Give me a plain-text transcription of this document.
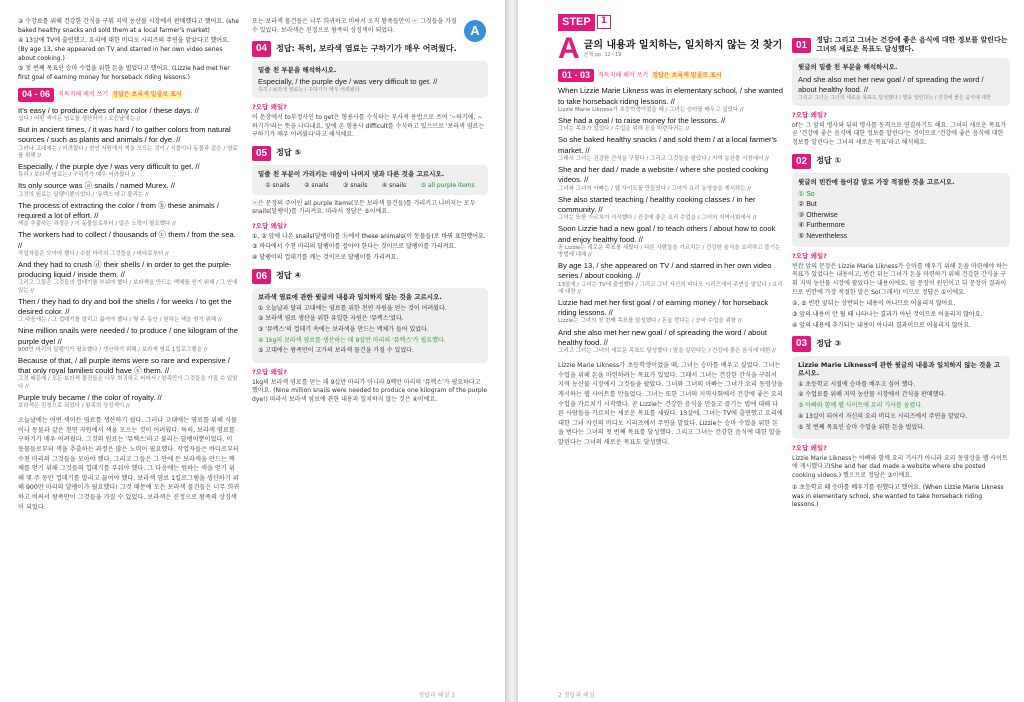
② 수강료를 위해 건강한 간식을 구워 지역 농산물 시장에서 판매했다고 했어요. (she baked healthy snacks and sold them at a local farmer's market)
④ 13살에 TV에 출연했고, 요리에 대한 비디오 시리즈의 주연을 맡았다고 했어요. (By age 13, she appeared on TV and starred in her own video series about cooking.)
⑤ 첫 번째 목표인 승마 수업을 위한 돈을 벌었다고 했어요. (Lizzie had met her first goal of earning money for horseback riding lessons.)
04 - 06	직독직해 해석 쓰기 정답은 초록색 밑줄로 표시
It's easy / to produce dyes of any color / these days. //
쉽다 / 어떤 색이든 염료를 생산하기 / 요즘날에는 //
But in ancient times, / it was hard / to gather colors from natural sources / such as plants and animals / for dye. //
그러나 고대에는 / 어려웠다 / 천연 자원에서 색을 모으는 것이 / 식물이나 동물과 같은 / 염료를 위해 //
Especially, / the purple dye / was very difficult to get. //
특히 / 보라색 염료는 / 구하기가 매우 어려웠다 //
Its only source was ⓐ snails / named Murex. //
그것의 원료는 달팽이뿐이었다 / '뮤렉스'라고 불리는 //
The process of extracting the color / from ⓑ these animals / required a lot of effort. //
색을 추출하는 과정은 / 이 동물들로부터 / 많은 노력이 필요했다 //
The workers had to collect / thousands of ⓒ them / from the sea. //
작업자들은 모아야 했다 / 수천 마리의 그것들을 / 바다로부터 //
And they had to crush ⓓ their shells / in order to get the purple-producing liquid / inside them. //
그리고 그들은 그것들의 껍데기를 부숴야 했다 / 보라색을 만드는 액체를 얻기 위해 / 그 안에 있는 //
Then / they had to dry and boil the shells / for weeks / to get the desired color. //
그 다음에는 / 그 껍데기를 말리고 끓여야 했다 / 몇 주 동안 / 원하는 색을 얻기 위해 //
Nine million snails were needed / to produce / one kilogram of the purple dye! //
900만 마리의 달팽이가 필요했다 / 생산하기 위해 / 보라색 염료 1킬로그램을 //
Because of that, / all purple items were so rare and expensive / that only royal families could have ⓔ them. //
그것 때문에 / 모든 보라색 물건들은 너무 희귀하고 비싸서 / 왕족만이 그것들을 가질 수 있었다 //
Purple truly became / the color of royalty. //
보라색은 진정으로 되었다 / 왕족의 상징색이 //
오늘날에는 어떤 색이든 염료를 생산하기 쉽다. 그러나 고대에는 염료를 위해 식물이나 동물과 같은 천연 자원에서 색을 모으는 것이 어려웠다. 특히, 보라색 염료를 구하기가 매우 어려웠다. 그것의 원료는 '뮤렉스'라고 불리는 달팽이뿐이었다. 이 동물들로부터 색을 추출하는 과정은 많은 노력이 필요했다. 작업자들은 바다로부터 수천 마리의 그것들을 모아야 했다. 그리고 그들은 그 안에 든 보라색을 만드는 액체를 얻기 위해 그것들의 껍데기를 부숴야 했다. 그 다음에는 원하는 색을 얻기 위해 몇 주 동안 껍데기를 말리고 끓여야 했다. 보라색 염료 1킬로그램을 생산하기 위해 900만 마리의 달팽이가 필요했다! 그것 때문에 모든 보라색 물건들은 너무 희귀하고 비싸서 왕족만이 그것들을 가질 수 있었다. 보라색은 진정으로 왕족의 상징색이 되었다.
또는 보라색 물건들은 너무 희귀하고 비싸서 오직 왕족들만이 ⓔ 그것들을 가질 수 있었다. 보라색은 진정으로 왕족의 상징색이 되었다.	A
04	정답: 특히, 보라색 염료는 구하기가 매우 어려웠다.
밑줄 친 부분을 해석하시오.
Especially, / the purple dye / was very difficult to get. //
특히 / 보라색 염료는 / 구하기가 매우 어려웠다
?오답 왜일?
이 문장에서 to부정사인 to get은 형용사를 수식하는 부사적 용법으로 쓰여 '~하기에, ~하기가'라는 뜻을 나타내요. 앞에 온 형용사 difficult를 수식하고 있으므로 '보라색 염료는 구하기가 매우 어려웠다'라고 해석해요.
05	정답 ⑤
밑줄 친 부분이 가리키는 대상이 나머지 넷과 다른 것을 고르시오.
① snails ② snails ③ snails ④ snails ⑤ all purple items
ⓔ은 문장의 주어인 all purple items(모든 보라색 물건들)를 가리키고 나머지는 모두 snails(달팽이)를 가리켜요. 따라서 정답은 ⑤이에요.
?오답 왜일?
①, ② 앞에 나온 snails(달팽이)를 ⓑ에서 these animals(이 동물들)로 바꿔 표현했어요.
③ 바다에서 수천 마리의 달팽이를 잡아야 한다는 것이므로 달팽이를 가리켜요.
④ 달팽이의 껍데기를 깨는 것이므로 달팽이를 가리켜요.
06	정답 ④
보라색 염료에 관한 윗글의 내용과 일치하지 않는 것을 고르시오.
① 오늘날과 달리 고대에는 염료를 위한 천연 자원을 얻는 것이 어려웠다.
② 보라색 염료 생산을 위한 유일한 자원은 '뮤렉스'였다.
③ '뮤렉스'의 껍데기 속에는 보라색을 만드는 액체가 들어 있었다.
④ 1kg의 보라색 염료를 생산하는 데 9십만 마리의 '뮤렉스'가 필요했다.
⑤ 고대에는 왕족만이 고가의 보라색 물건을 가질 수 있었다.
?오답 왜일?
1kg의 보라색 염료를 얻는 데 9십만 마리가 아니라 9백만 마리의 '뮤렉스'가 필요하다고 했어요. (Nine million snails were needed to produce one kilogram of the purple dye!) 따라서 보라색 염료에 관한 내용과 일치하지 않는 것은 ④이에요.
정답과 해설 3
STEP	1
A 글의 내용과 일치하는, 일치하지 않는 것 찾기
본책 pp. 12~19
01 - 03	직독직해 해석 쓰기 정답은 초록색 밑줄로 표시
When Lizzie Marie Likness was in elementary school, / she wanted to take horseback riding lessons. //
Lizzie Marie Likness가 초등학생이었을 때 / 그녀는 승마를 배우고 싶었다 //
She had a goal / to raise money for the lessons. //
그녀는 목표가 있었다 / 수업을 위해 돈을 마련하려는 //
So she baked healthy snacks / and sold them / at a local farmer's market. //
그래서 그녀는 건강한 간식을 구웠다 / 그리고 그것들을 팔았다 / 지역 농산물 시장에서 //
She and her dad / made a website / where she posted cooking videos. //
그녀와 그녀의 아빠는 / 웹 사이트를 만들었다 / 그녀가 요리 동영상을 게시하는 //
She also started teaching / healthy cooking classes / in her community. //
그녀는 또한 가르치기 시작했다 / 건강에 좋은 요리 수업을 / 그녀의 지역사회에서 //
Soon Lizzie had a new goal / to teach others / about how to cook and enjoy healthy food. //
곧 Lizzie는 새로운 목표를 세웠다 / 다른 사람들을 가르치는 / 건강한 음식을 요리하고 즐기는 방법에 대해 //
By age 13, / she appeared on TV / and starred in her own video series / about cooking. //
13살에 / 그녀는 TV에 출연했다 / 그리고 그녀 자신의 비디오 시리즈에서 주연을 맡았다 / 요리에 대한 //
Lizzie had met her first goal / of earning money / for horseback riding lessons. //
Lizzie는 그녀의 첫 번째 목표를 달성했다 / 돈을 번다는 / 승마 수업을 위한 //
And she also met her new goal / of spreading the word / about healthy food. //
그리고 그녀는 그녀의 새로운 목표도 달성했다 / 말을 알린다는 / 건강에 좋은 음식에 대한 //
Lizzie Marie Likness가 초등학생이었을 때, 그녀는 승마를 배우고 싶었다. 그녀는 수업을 위해 돈을 마련하려는 목표가 있었다. 그래서 그녀는 건강한 간식을 구워서 지역 농산물 시장에서 그것들을 팔았다. 그녀와 그녀의 아빠는 그녀가 요리 동영상을 게시하는 웹 사이트를 만들었다. 그녀는 또한 그녀의 지역사회에서 건강에 좋은 요리 수업을 가르치기 시작했다. 곧 Lizzie는 건강한 음식을 만들고 즐기는 법에 대해 다른 사람들을 가르치는 새로운 목표를 세웠다. 13살에, 그녀는 TV에 출연했고 요리에 대한 그녀 자신의 비디오 시리즈에서 주연을 맡았다. Lizzie는 승마 수업을 위한 돈을 번다는 그녀의 첫 번째 목표를 달성했다. 그리고 그녀는 건강한 음식에 대한 말을 알린다는 그녀의 새로운 목표도 달성했다.
01	정답: 그리고 그녀는 건강에 좋은 음식에 대한 정보를 알린다는 그녀의 새로운 목표도 달성했다.
윗글의 밑줄 친 부분을 해석하시오.
And she also met her new goal / of spreading the word / about healthy food. //
그리고 그녀는 그녀의 새로운 목표도 달성했다 / 말을 알린다는 / 건강에 좋은 음식에 대한
?오답 왜일?
of는 그 앞의 명사와 뒤의 명사를 동격으로 연결하기도 해요. 그녀의 새로운 목표가 곧 '건강에 좋은 음식에 대한 정보를 알린다'는 것이므로 '건강에 좋은 음식에 대한 정보를 알린다는 그녀의 새로운 목표'라고 해석해요.
02	정답 ①
윗글의 빈칸에 들어갈 말로 가장 적절한 것을 고르시오.
① So
② But
③ Otherwise
④ Furthermore
⑤ Nevertheless
?오답 왜일?
빈칸 앞의 문장은 Lizzie Marie Likness가 승마를 배우기 위해 돈을 마련해야 하는 목표가 있었다는 내용이고, 빈칸 뒤는 그녀가 돈을 마련하기 위해 건강한 간식을 구워 지역 농산물 시장에 팔았다는 내용이에요. 앞 문장이 원인이고 뒤 문장이 결과이므로 빈칸에 가장 적절한 말은 So(그래서) 이므로 정답은 ①이에요.
②, ⑤ 빈칸 앞뒤는 상반되는 내용이 아니므로 어울리지 않아요.
③ 앞의 내용이 안 될 때 나타나는 결과가 아닌 것이므로 어울리지 않아요.
④ 앞의 내용에 추가되는 내용이 아니라 결과이므로 어울리지 않아요.
03	정답 ③
Lizzie Marie Likness에 관한 윗글의 내용과 일치하지 않는 것을 고르시오.
① 초등학교 시절에 승마를 배우고 싶어 했다.
② 수업료를 위해 지역 농산물 시장에서 간식을 판매했다.
③ 아빠와 함께 웹 사이트에 요리 기사를 올렸다.
④ 13살이 되어서 자신의 요리 비디오 시리즈에서 주연을 맡았다.
⑤ 첫 번째 목표인 승마 수업을 위한 돈을 벌었다.
?오답 왜일?
Lizzie Marie Likness는 아빠와 함께 요리 기사가 아니라 요리 동영상을 웹 사이트에 게시했다고(She and her dad made a website where she posted cooking videos.) 했으므로 정답은 ③이에요.
① 초등학교 때 승마를 배우기를 원했다고 했어요. (When Lizzie Marie Likness was in elementary school, she wanted to take horseback riding lessons.)
2 정답과 해설
